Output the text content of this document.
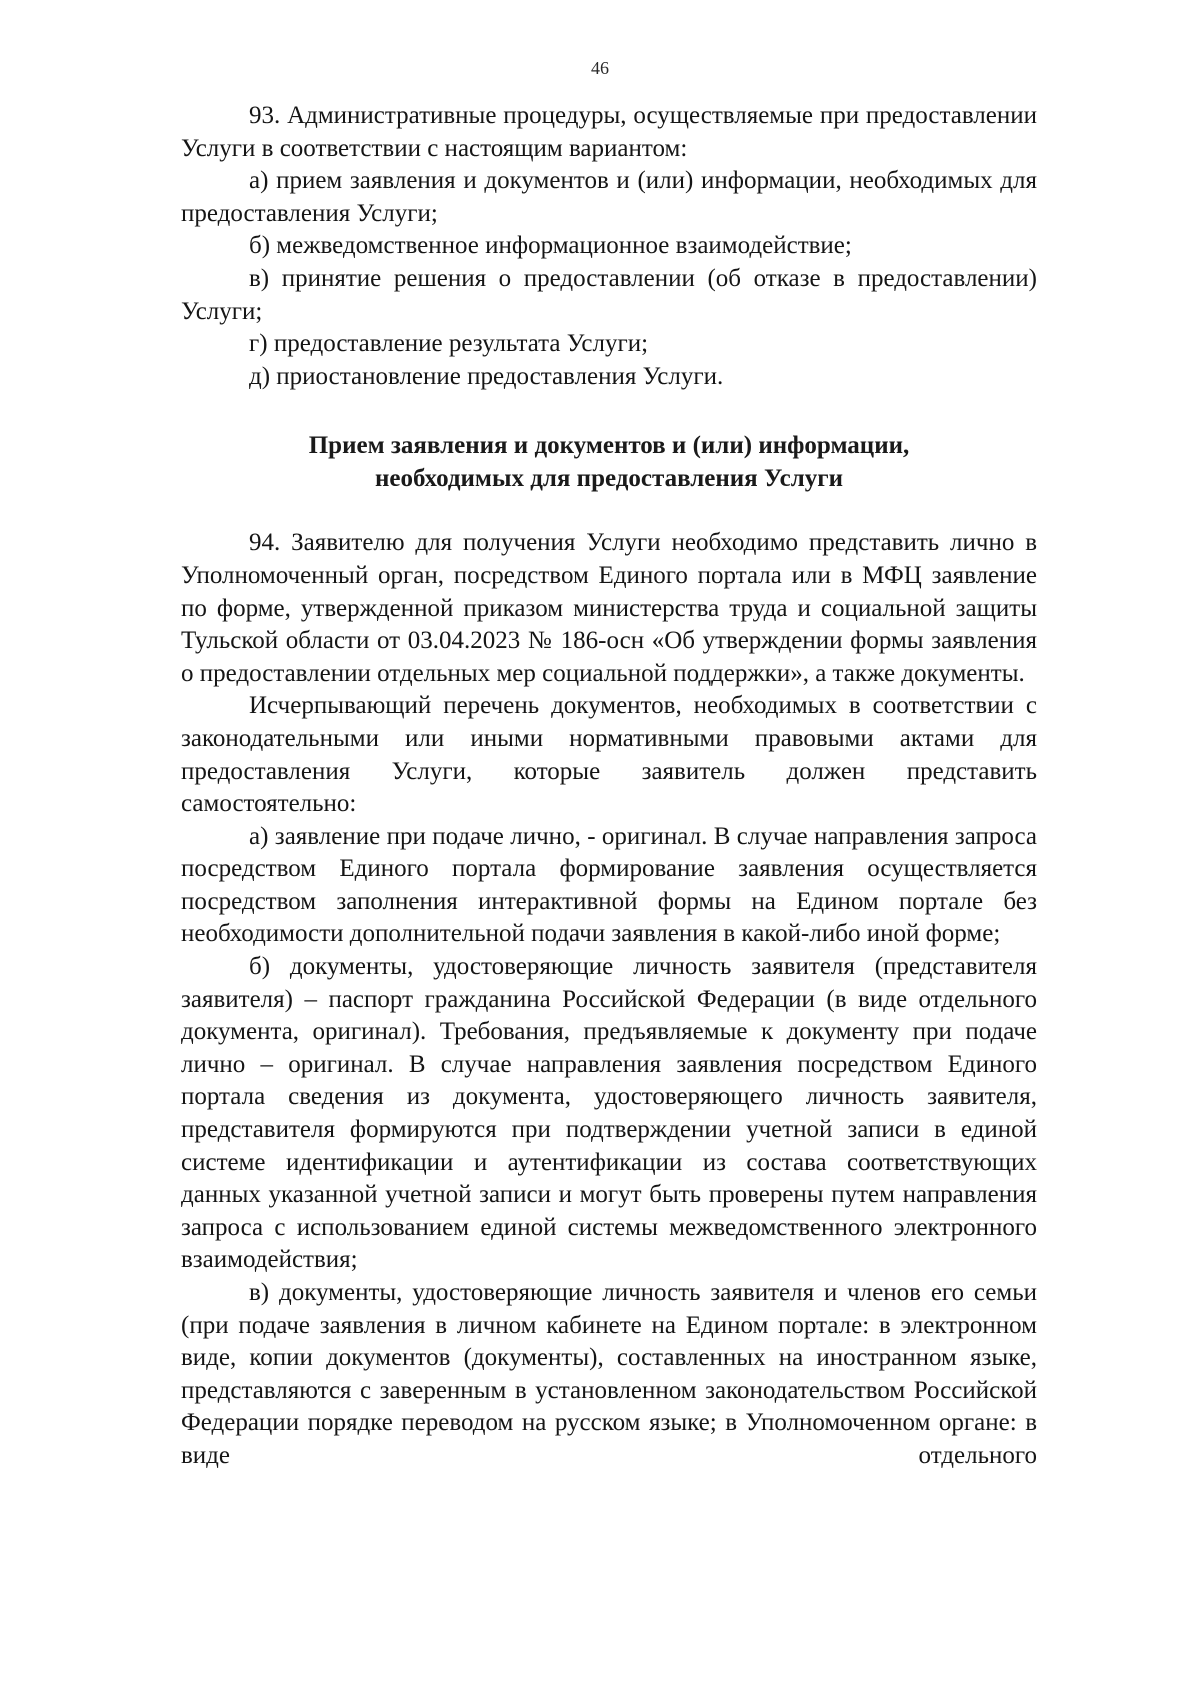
46

93. Административные процедуры, осуществляемые при предоставлении Услуги в соответствии с настоящим вариантом:

а) прием заявления и документов и (или) информации, необходимых для предоставления Услуги;

б) межведомственное информационное взаимодействие;

в) принятие решения о предоставлении (об отказе в предоставлении) Услуги;

г) предоставление результата Услуги;

д) приостановление предоставления Услуги.

Прием заявления и документов и (или) информации,

необходимых для предоставления Услуги

94. Заявителю для получения Услуги необходимо представить лично в Уполномоченный орган, посредством Единого портала или в МФЦ заявление по форме, утвержденной приказом министерства труда и социальной защиты Тульской области от 03.04.2023 № 186-осн «Об утверждении формы заявления о предоставлении отдельных мер социальной поддержки», а также документы.

Исчерпывающий перечень документов, необходимых в соответствии с законодательными или иными нормативными правовыми актами для предоставления Услуги, которые заявитель должен представить самостоятельно:

а) заявление при подаче лично, - оригинал. В случае направления запроса посредством Единого портала формирование заявления осуществляется посредством заполнения интерактивной формы на Едином портале без необходимости дополнительной подачи заявления в какой-либо иной форме;

б) документы, удостоверяющие личность заявителя (представителя заявителя) – паспорт гражданина Российской Федерации (в виде отдельного документа, оригинал). Требования, предъявляемые к документу при подаче лично – оригинал. В случае направления заявления посредством Единого портала сведения из документа, удостоверяющего личность заявителя, представителя формируются при подтверждении учетной записи в единой системе идентификации и аутентификации из состава соответствующих данных указанной учетной записи и могут быть проверены путем направления запроса с использованием единой системы межведомственного электронного взаимодействия;

в) документы, удостоверяющие личность заявителя и членов его семьи (при подаче заявления в личном кабинете на Едином портале: в электронном виде, копии документов (документы), составленных на иностранном языке, представляются с заверенным в установленном законодательством Российской Федерации порядке переводом на русском языке; в Уполномоченном органе: в виде отдельного
